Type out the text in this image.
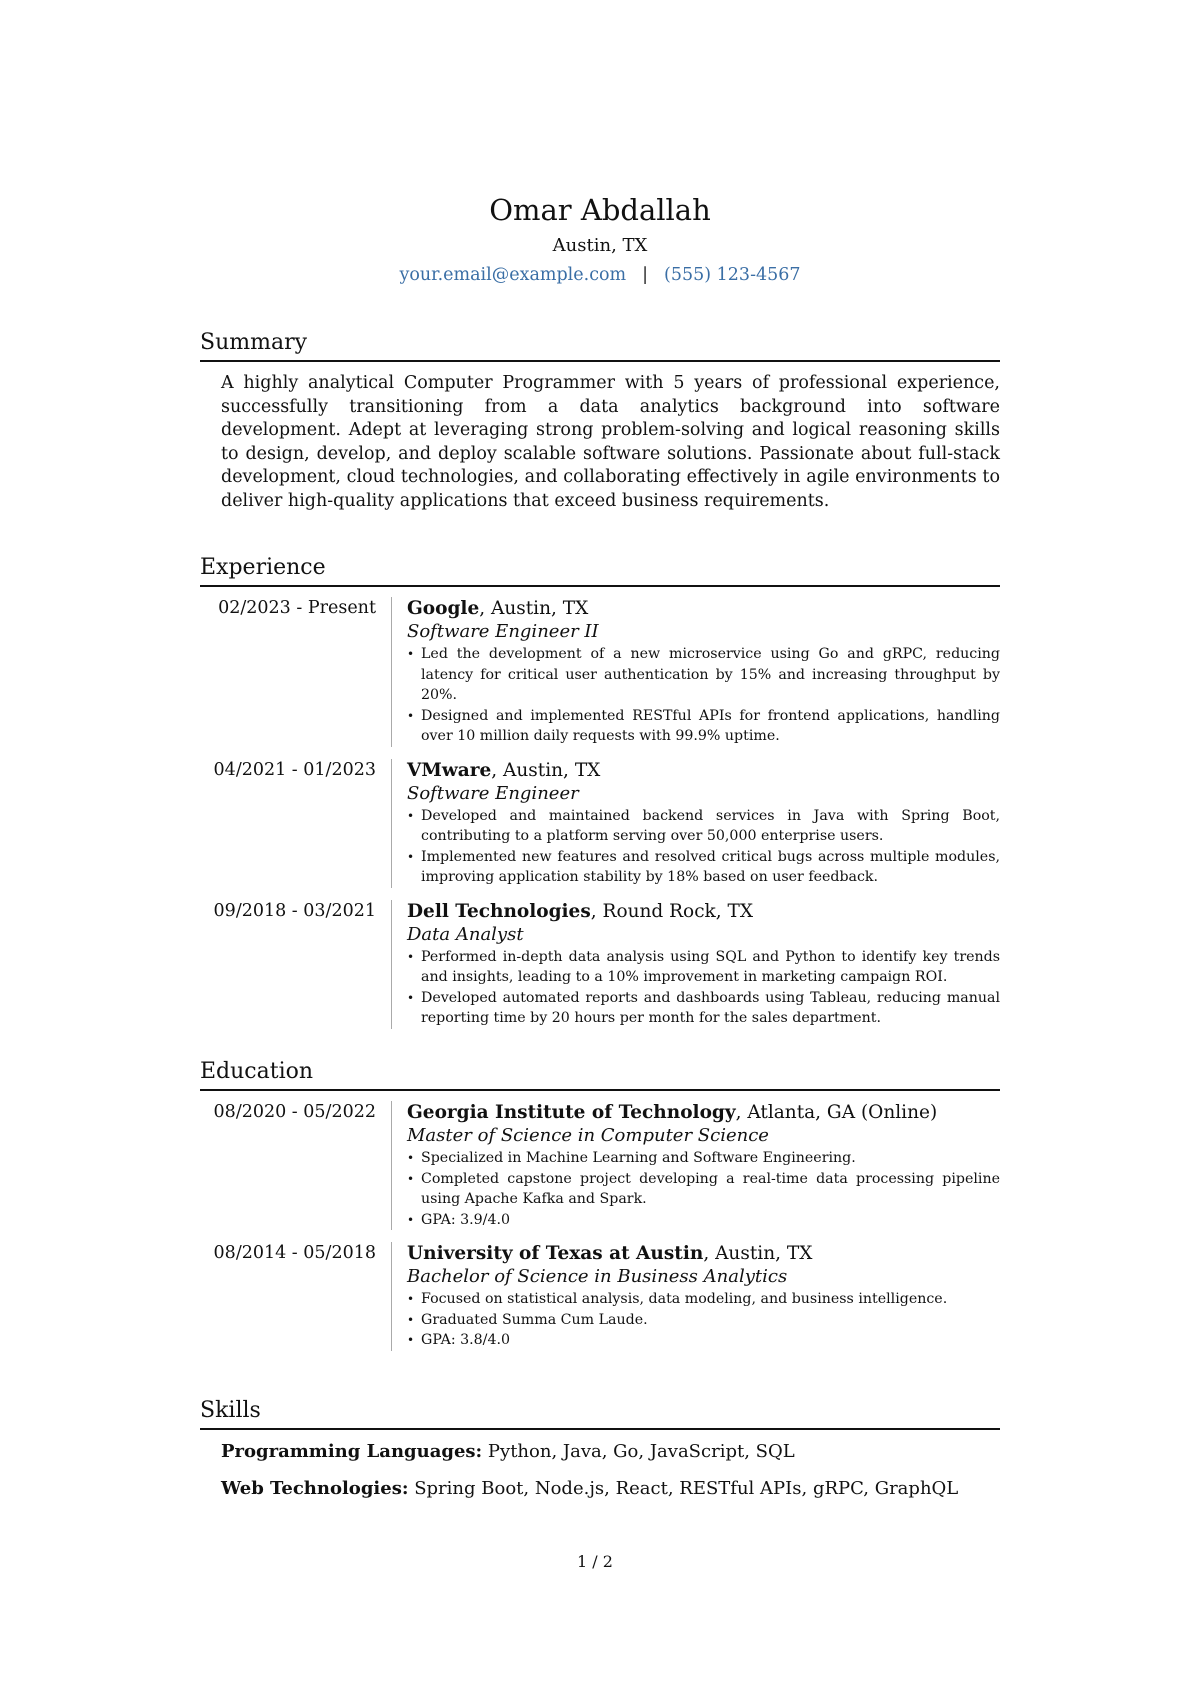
Omar Abdallah
Austin, TX
your.email@example.com | (555) 123-4567
Summary
A highly analytical Computer Programmer with 5 years of professional experience, successfully transitioning from a data analytics background into software development. Adept at leveraging strong problem-solving and logical reasoning skills to design, develop, and deploy scalable software solutions. Passionate about full-stack development, cloud technologies, and collaborating effectively in agile environments to deliver high-quality applications that exceed business requirements.
Experience
02/2023 - Present	Google, Austin, TX
Software Engineer II
• Led the development of a new microservice using Go and gRPC, reducing latency for critical user authentication by 15% and increasing throughput by 20%.
• Designed and implemented RESTful APIs for frontend applications, handling over 10 million daily requests with 99.9% uptime.
04/2021 - 01/2023	VMware, Austin, TX
Software Engineer
• Developed and maintained backend services in Java with Spring Boot, contributing to a platform serving over 50,000 enterprise users.
• Implemented new features and resolved critical bugs across multiple modules, improving application stability by 18% based on user feedback.
09/2018 - 03/2021	Dell Technologies, Round Rock, TX
Data Analyst
• Performed in-depth data analysis using SQL and Python to identify key trends and insights, leading to a 10% improvement in marketing campaign ROI.
• Developed automated reports and dashboards using Tableau, reducing manual reporting time by 20 hours per month for the sales department.
Education
08/2020 - 05/2022	Georgia Institute of Technology, Atlanta, GA (Online)
Master of Science in Computer Science
• Specialized in Machine Learning and Software Engineering.
• Completed capstone project developing a real-time data processing pipeline using Apache Kafka and Spark.
• GPA: 3.9/4.0
08/2014 - 05/2018	University of Texas at Austin, Austin, TX
Bachelor of Science in Business Analytics
• Focused on statistical analysis, data modeling, and business intelligence.
• Graduated Summa Cum Laude.
• GPA: 3.8/4.0
Skills
Programming Languages: Python, Java, Go, JavaScript, SQL
Web Technologies: Spring Boot, Node.js, React, RESTful APIs, gRPC, GraphQL
1 / 2
